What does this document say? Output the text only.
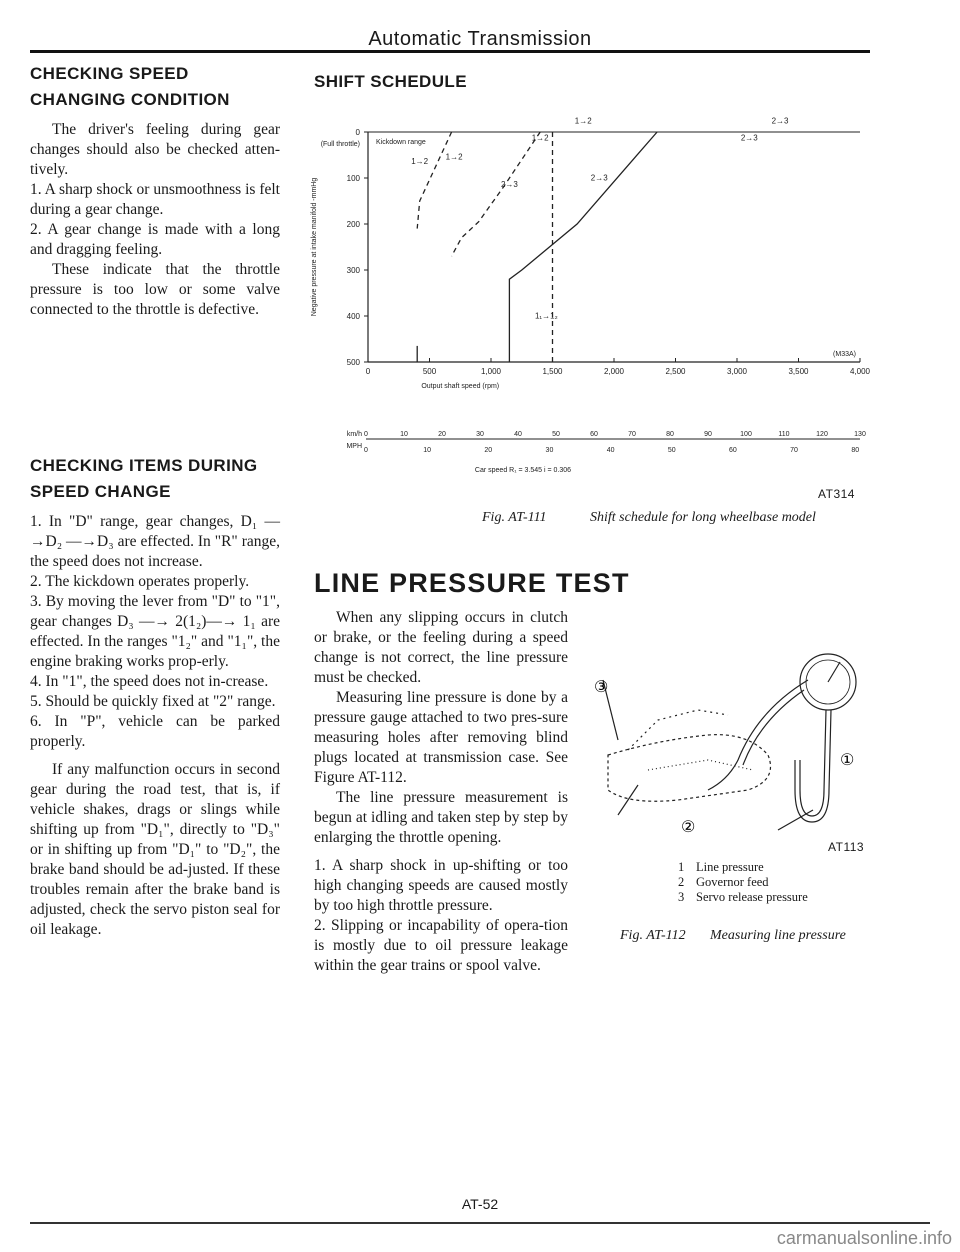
Automatic Transmission
CHECKING SPEED
CHANGING CONDITION

The driver's feeling during gear changes should also be checked atten-tively.

1. A sharp shock or unsmoothness is felt during a gear change.

2. A gear change is made with a long and dragging feeling.

These indicate that the throttle pressure is too low or some valve connected to the throttle is defective.

CHECKING ITEMS DURING
SPEED CHANGE

1. In "D" range, gear changes, D₁ —→D₂ —→D₃ are effected. In "R" range, the speed does not increase.

2. The kickdown operates properly.

3. By moving the lever from "D" to "1", gear changes D₃ —→ 2(1₂)—→ 1₁ are effected. In the ranges "1₂" and "1₁", the engine braking works prop-erly.

4. In "1", the speed does not in-crease.

5. Should be quickly fixed at "2" range.

6. In "P", vehicle can be parked properly.

If any malfunction occurs in second gear during the road test, that is, if vehicle shakes, drags or slings while shifting up from "D₁", directly to "D₃" or in shifting up from "D₁" to "D₂", the brake band should be ad-justed. If these troubles remain after the brake band is adjusted, check the servo piston seal for oil leakage.

SHIFT SCHEDULE
0
100
200
300
400
500
(Full throttle)
0	500	1,000	1,500	2,000	2,500	3,000	3,500	4,000
Output shaft speed (rpm)
Negative pressure at intake manifold -mmHg
Kickdown range
(M33A)
1→2
1→2
2→3
2→3
1→2
1→2
2→3
2→3
1₁→1₂
km/h
MPH
0	10	20	30	40	50	60	70	80	90	100	110	120	130
0	10	20	30	40	50	60	70	80
Car speed R₁ = 3.545 i = 0.306
AT314
Fig. AT-111	Shift schedule for long wheelbase model
LINE PRESSURE TEST

When any slipping occurs in clutch or brake, or the feeling during a speed change is not correct, the line pressure must be checked.

Measuring line pressure is done by a pressure gauge attached to two pres-sure measuring holes after removing blind plugs located at transmission case. See Figure AT-112.

The line pressure measurement is begun at idling and taken step by step by enlarging the throttle opening.

1. A sharp shock in up-shifting or too high changing speeds are caused mostly by too high throttle pressure.

2. Slipping or incapability of opera-tion is mostly due to oil pressure leakage within the gear trains or spool valve.

③
②
①
AT113
1 Line pressure
2 Governor feed
3 Servo release pressure
Fig. AT-112 Measuring line pressure
AT-52
carmanualsonline.info
